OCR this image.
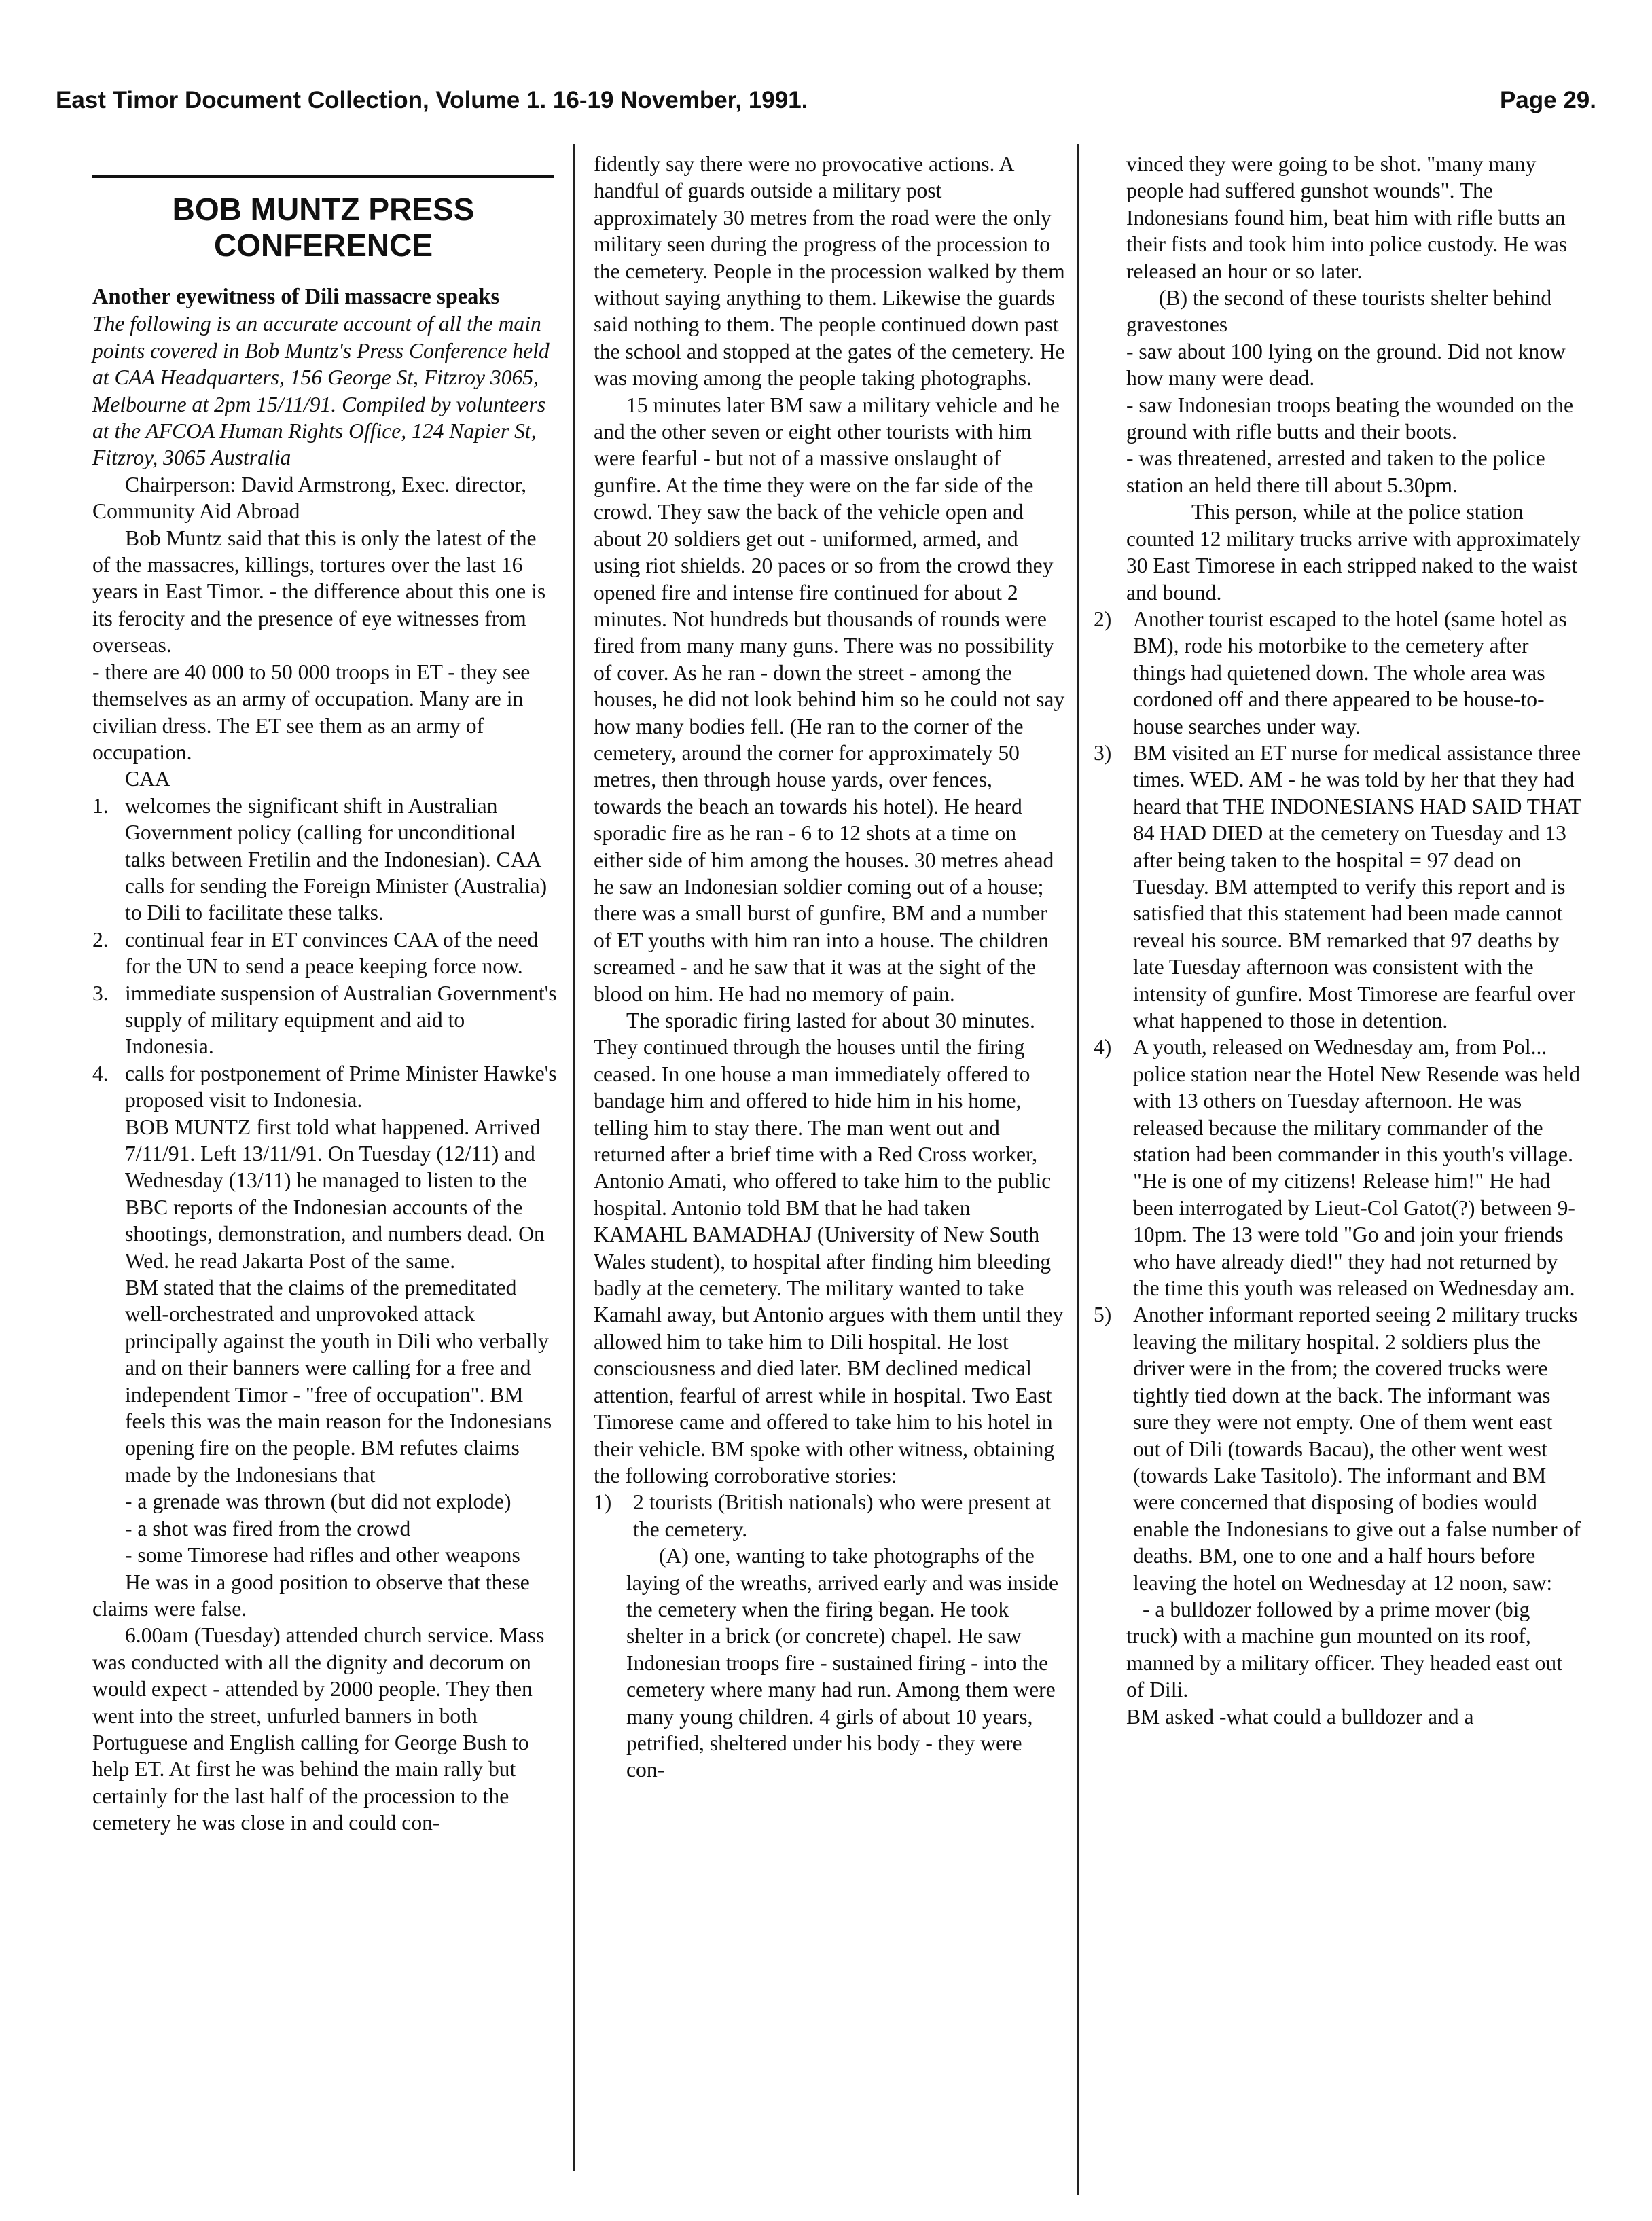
East Timor Document Collection, Volume 1. 16-19 November, 1991.	Page 29.
BOB MUNTZ PRESS CONFERENCE

Another eyewitness of Dili massacre speaks

The following is an accurate account of all the main points covered in Bob Muntz's Press Conference held at CAA Headquarters, 156 George St, Fitzroy 3065, Melbourne at 2pm 15/11/91. Compiled by volunteers at the AFCOA Human Rights Office, 124 Napier St, Fitzroy, 3065 Australia

Chairperson: David Armstrong, Exec. director, Community Aid Abroad

Bob Muntz said that this is only the latest of the of the massacres, killings, tortures over the last 16 years in East Timor. - the difference about this one is its ferocity and the presence of eye witnesses from overseas.

- there are 40 000 to 50 000 troops in ET - they see themselves as an army of occupation. Many are in civilian dress. The ET see them as an army of occupation.

CAA

1. welcomes the significant shift in Australian Government policy (calling for unconditional talks between Fretilin and the Indonesian). CAA calls for sending the Foreign Minister (Australia) to Dili to facilitate these talks.
2. continual fear in ET convinces CAA of the need for the UN to send a peace keeping force now.
3. immediate suspension of Australian Government's supply of military equipment and aid to Indonesia.
4. calls for postponement of Prime Minister Hawke's proposed visit to Indonesia.

BOB MUNTZ first told what happened. Arrived 7/11/91. Left 13/11/91. On Tuesday (12/11) and Wednesday (13/11) he managed to listen to the BBC reports of the Indonesian accounts of the shootings, demonstration, and numbers dead. On Wed. he read Jakarta Post of the same.

BM stated that the claims of the premeditated well-orchestrated and unprovoked attack principally against the youth in Dili who verbally and on their banners were calling for a free and independent Timor - "free of occupation". BM feels this was the main reason for the Indonesians opening fire on the people. BM refutes claims made by the Indonesians that

- a grenade was thrown (but did not explode)

- a shot was fired from the crowd

- some Timorese had rifles and other weapons

He was in a good position to observe that these claims were false.

6.00am (Tuesday) attended church service. Mass was conducted with all the dignity and decorum on would expect - attended by 2000 people. They then went into the street, unfurled banners in both Portuguese and English calling for George Bush to help ET. At first he was behind the main rally but certainly for the last half of the procession to the cemetery he was close in and could con-

fidently say there were no provocative actions. A handful of guards outside a military post approximately 30 metres from the road were the only military seen during the progress of the procession to the cemetery. People in the procession walked by them without saying anything to them. Likewise the guards said nothing to them. The people continued down past the school and stopped at the gates of the cemetery. He was moving among the people taking photographs.

15 minutes later BM saw a military vehicle and he and the other seven or eight other tourists with him were fearful - but not of a massive onslaught of gunfire. At the time they were on the far side of the crowd. They saw the back of the vehicle open and about 20 soldiers get out - uniformed, armed, and using riot shields. 20 paces or so from the crowd they opened fire and intense fire continued for about 2 minutes. Not hundreds but thousands of rounds were fired from many many guns. There was no possibility of cover. As he ran - down the street - among the houses, he did not look behind him so he could not say how many bodies fell. (He ran to the corner of the cemetery, around the corner for approximately 50 metres, then through house yards, over fences, towards the beach an towards his hotel). He heard sporadic fire as he ran - 6 to 12 shots at a time on either side of him among the houses. 30 metres ahead he saw an Indonesian soldier coming out of a house; there was a small burst of gunfire, BM and a number of ET youths with him ran into a house. The children screamed - and he saw that it was at the sight of the blood on him. He had no memory of pain.

The sporadic firing lasted for about 30 minutes. They continued through the houses until the firing ceased. In one house a man immediately offered to bandage him and offered to hide him in his home, telling him to stay there. The man went out and returned after a brief time with a Red Cross worker, Antonio Amati, who offered to take him to the public hospital. Antonio told BM that he had taken KAMAHL BAMADHAJ (University of New South Wales student), to hospital after finding him bleeding badly at the cemetery. The military wanted to take Kamahl away, but Antonio argues with them until they allowed him to take him to Dili hospital. He lost consciousness and died later. BM declined medical attention, fearful of arrest while in hospital. Two East Timorese came and offered to take him to his hotel in their vehicle. BM spoke with other witness, obtaining the following corroborative stories:

1) 2 tourists (British nationals) who were present at the cemetery.

(A) one, wanting to take photographs of the laying of the wreaths, arrived early and was inside the cemetery when the firing began. He took shelter in a brick (or concrete) chapel. He saw Indonesian troops fire - sustained firing - into the cemetery where many had run. Among them were many young children. 4 girls of about 10 years, petrified, sheltered under his body - they were con-

vinced they were going to be shot. "many many people had suffered gunshot wounds". The Indonesians found him, beat him with rifle butts an their fists and took him into police custody. He was released an hour or so later.

(B) the second of these tourists shelter behind gravestones

- saw about 100 lying on the ground. Did not know how many were dead.

- saw Indonesian troops beating the wounded on the ground with rifle butts and their boots.

- was threatened, arrested and taken to the police station an held there till about 5.30pm.

This person, while at the police station counted 12 military trucks arrive with approximately 30 East Timorese in each stripped naked to the waist and bound.

2) Another tourist escaped to the hotel (same hotel as BM), rode his motorbike to the cemetery after things had quietened down. The whole area was cordoned off and there appeared to be house-to-house searches under way.
3) BM visited an ET nurse for medical assistance three times. WED. AM - he was told by her that they had heard that THE INDONESIANS HAD SAID THAT 84 HAD DIED at the cemetery on Tuesday and 13 after being taken to the hospital = 97 dead on Tuesday. BM attempted to verify this report and is satisfied that this statement had been made cannot reveal his source. BM remarked that 97 deaths by late Tuesday afternoon was consistent with the intensity of gunfire. Most Timorese are fearful over what happened to those in detention.
4) A youth, released on Wednesday am, from Pol... police station near the Hotel New Resende was held with 13 others on Tuesday afternoon. He was released because the military commander of the station had been commander in this youth's village. "He is one of my citizens! Release him!" He had been interrogated by Lieut-Col Gatot(?) between 9-10pm. The 13 were told "Go and join your friends who have already died!" they had not returned by the time this youth was released on Wednesday am.
5) Another informant reported seeing 2 military trucks leaving the military hospital. 2 soldiers plus the driver were in the from; the covered trucks were tightly tied down at the back. The informant was sure they were not empty. One of them went east out of Dili (towards Bacau), the other went west (towards Lake Tasitolo). The informant and BM were concerned that disposing of bodies would enable the Indonesians to give out a false number of deaths. BM, one to one and a half hours before leaving the hotel on Wednesday at 12 noon, saw:

- a bulldozer followed by a prime mover (big truck) with a machine gun mounted on its roof, manned by a military officer. They headed east out of Dili.

BM asked -what could a bulldozer and a
